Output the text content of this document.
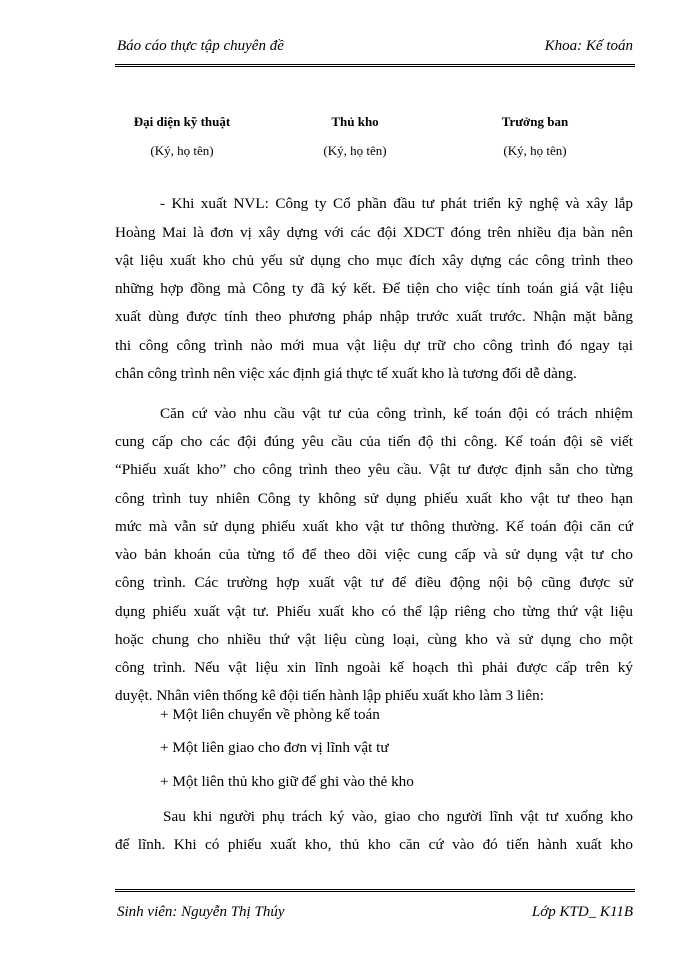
Báo cáo thực tập chuyên đề	Khoa: Kế toán
Đại diện kỹ thuật
(Ký, họ tên)
Thủ kho
(Ký, họ tên)
Trưởng ban
(Ký, họ tên)
- Khi xuất NVL: Công ty Cổ phần đầu tư phát triển kỹ nghệ và xây lắp
Hoàng Mai là đơn vị xây dựng với các đội XDCT đóng trên nhiều địa bàn nên
vật liệu xuất kho chủ yếu sử dụng cho mục đích xây dựng các công trình theo
những hợp đồng mà Công ty đã ký kết. Để tiện cho việc tính toán giá vật liệu
xuất dùng được tính theo phương pháp nhập trước xuất trước. Nhận mặt bằng
thi công công trình nào mới mua vật liệu dự trữ cho công trình đó ngay tại
chân công trình nên việc xác định giá thực tế xuất kho là tương đối dễ dàng.
Căn cứ vào nhu cầu vật tư của công trình, kế toán đội có trách nhiệm
cung cấp cho các đội đúng yêu cầu của tiến độ thi công. Kế toán đội sẽ viết
“Phiếu xuất kho” cho công trình theo yêu cầu. Vật tư được định sẵn cho từng
công trình tuy nhiên Công ty không sử dụng phiếu xuất kho vật tư theo hạn
mức mà vẫn sử dụng phiếu xuất kho vật tư thông thường. Kế toán đội căn cứ
vào bản khoán của từng tổ để theo dõi việc cung cấp và sử dụng vật tư cho
công trình. Các trường hợp xuất vật tư để điều động nội bộ cũng được sử
dụng phiếu xuất vật tư. Phiếu xuất kho có thể lập riêng cho từng thứ vật liệu
hoặc chung cho nhiều thứ vật liệu cùng loại, cùng kho và sử dụng cho một
công trình. Nếu vật liệu xin lĩnh ngoài kế hoạch thì phải được cấp trên ký
duyệt. Nhân viên thống kê đội tiến hành lập phiếu xuất kho làm 3 liên:
+ Một liên chuyển về phòng kế toán
+ Một liên giao cho đơn vị lĩnh vật tư
+ Một liên thủ kho giữ để ghi vào thẻ kho
Sau khi người phụ trách ký vào, giao cho người lĩnh vật tư xuống kho
để lĩnh. Khi có phiếu xuất kho, thủ kho căn cứ vào đó tiến hành xuất kho
Sinh viên: Nguyễn Thị Thúy	Lớp KTD_ K11B
